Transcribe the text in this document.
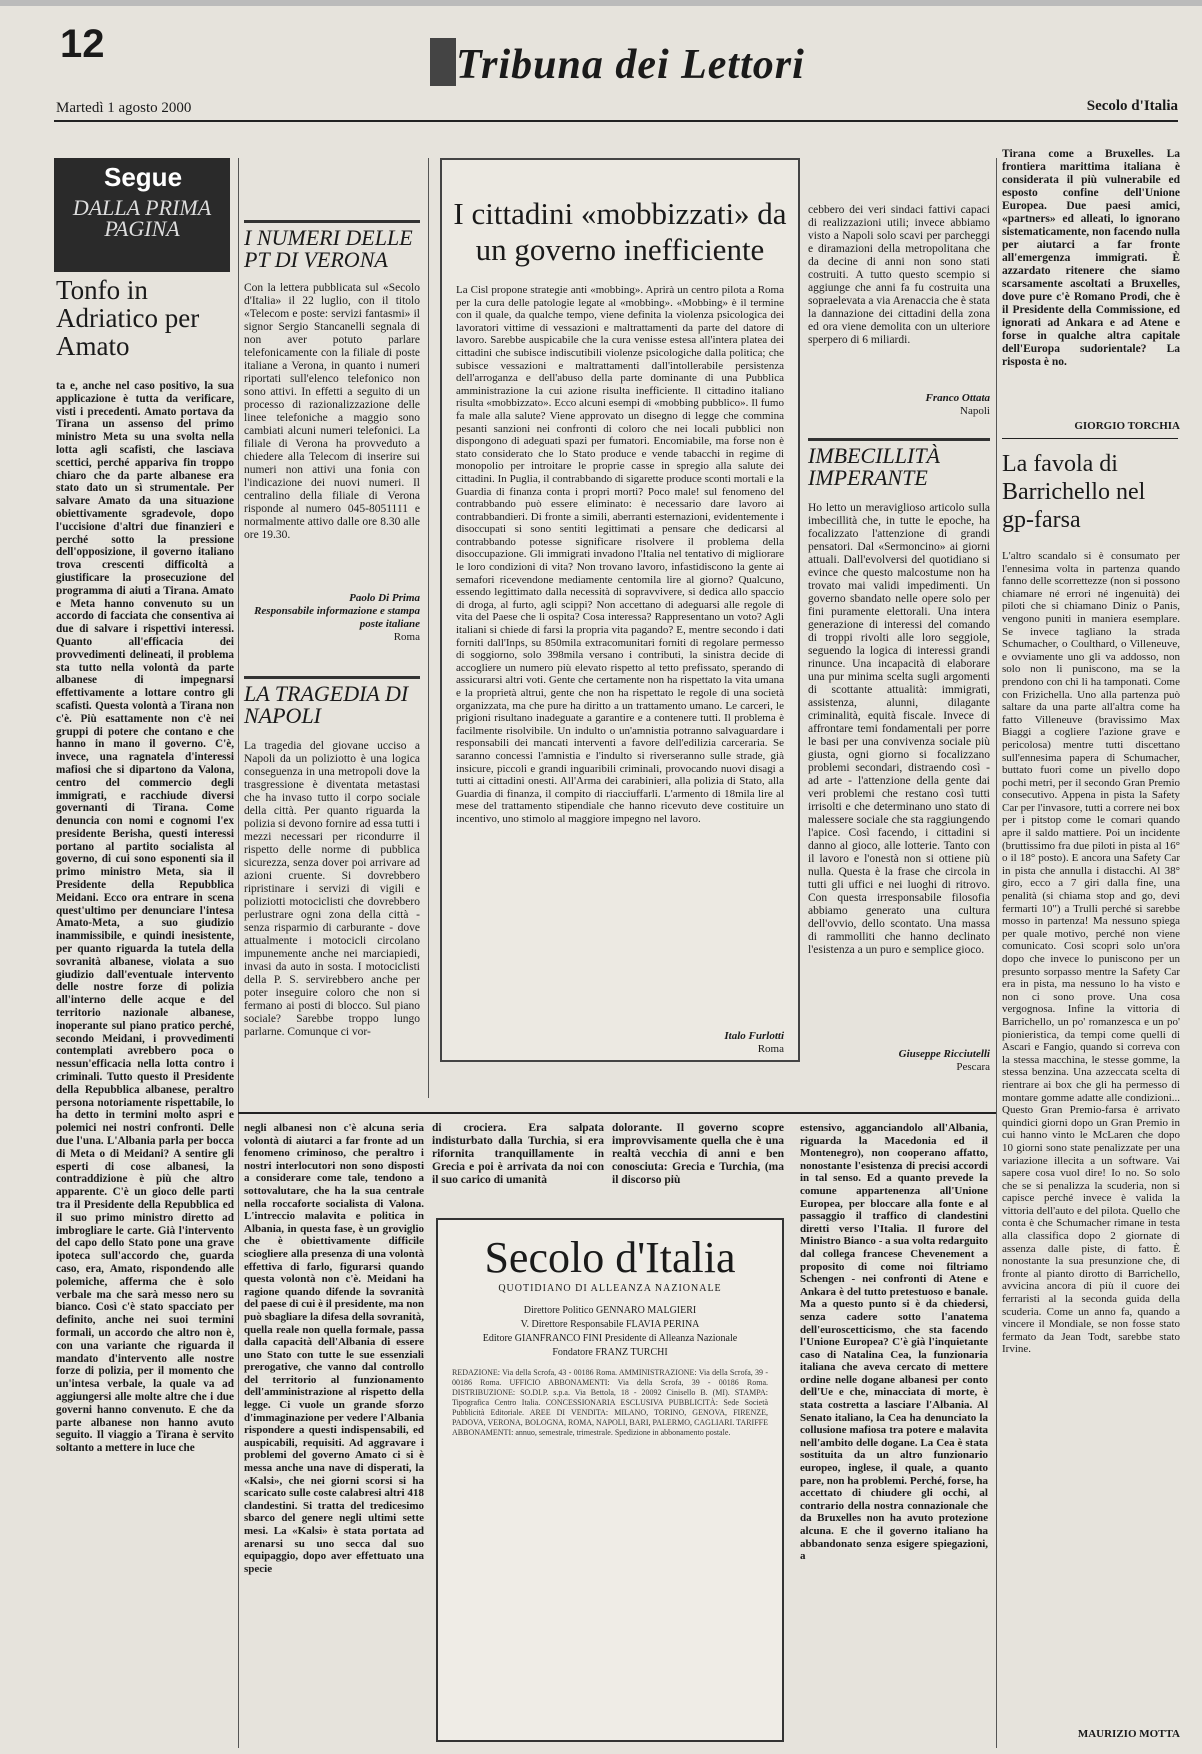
12	Tribuna dei Lettori
Martedì 1 agosto 2000	Secolo d'Italia
Segue
DALLA PRIMA PAGINA
Tonfo in Adriatico per Amato
ta e, anche nel caso positivo, la sua applicazione è tutta da verificare, visti i precedenti. Amato portava da Tirana un assenso del primo ministro Meta su una svolta nella lotta agli scafisti, che lasciava scettici, perché appariva fin troppo chiaro che da parte albanese era stato dato un sì strumentale. Per salvare Amato da una situazione obiettivamente sgradevole, dopo l'uccisione d'altri due finanzieri e perché sotto la pressione dell'opposizione, il governo italiano trova crescenti difficoltà a giustificare la prosecuzione del programma di aiuti a Tirana. Amato e Meta hanno convenuto su un accordo di facciata che consentiva ai due di salvare i rispettivi interessi. Quanto all'efficacia dei provvedimenti delineati, il problema sta tutto nella volontà da parte albanese di impegnarsi effettivamente a lottare contro gli scafisti. Questa volontà a Tirana non c'è. Più esattamente non c'è nei gruppi di potere che contano e che hanno in mano il governo. C'è, invece, una ragnatela d'interessi mafiosi che si dipartono da Valona, centro del commercio degli immigrati, e racchiude diversi governanti di Tirana. Come denuncia con nomi e cognomi l'ex presidente Berisha, questi interessi portano al partito socialista al governo, di cui sono esponenti sia il primo ministro Meta, sia il Presidente della Repubblica Meidani. Ecco ora entrare in scena quest'ultimo per denunciare l'intesa Amato-Meta, a suo giudizio inammissibile, e quindi inesistente, per quanto riguarda la tutela della sovranità albanese, violata a suo giudizio dall'eventuale intervento delle nostre forze di polizia all'interno delle acque e del territorio nazionale albanese, inoperante sul piano pratico perché, secondo Meidani, i provvedimenti contemplati avrebbero poca o nessun'efficacia nella lotta contro i criminali. Tutto questo il Presidente della Repubblica albanese, peraltro persona notoriamente rispettabile, lo ha detto in termini molto aspri e polemici nei nostri confronti. Delle due l'una. L'Albania parla per bocca di Meta o di Meidani? A sentire gli esperti di cose albanesi, la contraddizione è più che altro apparente. C'è un gioco delle parti tra il Presidente della Repubblica ed il suo primo ministro diretto ad imbrogliare le carte. Già l'intervento del capo dello Stato pone una grave ipoteca sull'accordo che, guarda caso, era, Amato, rispondendo alle polemiche, afferma che è solo verbale ma che sarà messo nero su bianco. Così c'è stato spacciato per definito, anche nei suoi termini formali, un accordo che altro non è, con una variante che riguarda il mandato d'intervento alle nostre forze di polizia, per il momento che un'intesa verbale, la quale va ad aggiungersi alle molte altre che i due governi hanno convenuto. E che da parte albanese non hanno avuto seguito. Il viaggio a Tirana è servito soltanto a mettere in luce che
I NUMERI DELLE PT DI VERONA
Con la lettera pubblicata sul «Secolo d'Italia» il 22 luglio, con il titolo «Telecom e poste: servizi fantasmi» il signor Sergio Stancanelli segnala di non aver potuto parlare telefonicamente con la filiale di poste italiane a Verona, in quanto i numeri riportati sull'elenco telefonico non sono attivi. In effetti a seguito di un processo di razionalizzazione delle linee telefoniche a maggio sono cambiati alcuni numeri telefonici. La filiale di Verona ha provveduto a chiedere alla Telecom di inserire sui numeri non attivi una fonia con l'indicazione dei nuovi numeri. Il centralino della filiale di Verona risponde al numero 045-8051111 e normalmente attivo dalle ore 8.30 alle ore 19.30.
Paolo Di Prima
Responsabile informazione e stampa poste italiane
Roma
LA TRAGEDIA DI NAPOLI
La tragedia del giovane ucciso a Napoli da un poliziotto è una logica conseguenza in una metropoli dove la trasgressione è diventata metastasi che ha invaso tutto il corpo sociale della città. Per quanto riguarda la polizia si devono fornire ad essa tutti i mezzi necessari per ricondurre il rispetto delle norme di pubblica sicurezza, senza dover poi arrivare ad azioni cruente. Si dovrebbero ripristinare i servizi di vigili e poliziotti motociclisti che dovrebbero perlustrare ogni zona della città - senza risparmio di carburante - dove attualmente i motocicli circolano impunemente anche nei marciapiedi, invasi da auto in sosta. I motociclisti della P. S. servirebbero anche per poter inseguire coloro che non si fermano ai posti di blocco. Sul piano sociale? Sarebbe troppo lungo parlarne. Comunque ci vor-
I cittadini «mobbizzati» da un governo inefficiente
La Cisl propone strategie anti «mobbing». Aprirà un centro pilota a Roma per la cura delle patologie legate al «mobbing». «Mobbing» è il termine con il quale, da qualche tempo, viene definita la violenza psicologica dei lavoratori vittime di vessazioni e maltrattamenti da parte del datore di lavoro. Sarebbe auspicabile che la cura venisse estesa all'intera platea dei cittadini che subisce indiscutibili violenze psicologiche dalla politica; che subisce vessazioni e maltrattamenti dall'intollerabile persistenza dell'arroganza e dell'abuso della parte dominante di una Pubblica amministrazione la cui azione risulta inefficiente. Il cittadino italiano risulta «mobbizzato». Ecco alcuni esempi di «mobbing pubblico». Il fumo fa male alla salute? Viene approvato un disegno di legge che commina pesanti sanzioni nei confronti di coloro che nei locali pubblici non dispongono di adeguati spazi per fumatori. Encomiabile, ma forse non è stato considerato che lo Stato produce e vende tabacchi in regime di monopolio per introitare le proprie casse in spregio alla salute dei cittadini. In Puglia, il contrabbando di sigarette produce sconti mortali e la Guardia di finanza conta i propri morti? Poco male! sul fenomeno del contrabbando può essere eliminato: è necessario dare lavoro ai contrabbandieri. Di fronte a simili, aberranti esternazioni, evidentemente i disoccupati si sono sentiti legittimati a pensare che dedicarsi al contrabbando potesse significare risolvere il problema della disoccupazione. Gli immigrati invadono l'Italia nel tentativo di migliorare le loro condizioni di vita? Non trovano lavoro, infastidiscono la gente ai semafori ricevendone mediamente centomila lire al giorno? Qualcuno, essendo legittimato dalla necessità di sopravvivere, si dedica allo spaccio di droga, al furto, agli scippi? Non accettano di adeguarsi alle regole di vita del Paese che li ospita? Cosa interessa? Rappresentano un voto? Agli italiani si chiede di farsi la propria vita pagando? E, mentre secondo i dati forniti dall'Inps, su 850mila extracomunitari forniti di regolare permesso di soggiorno, solo 398mila versano i contributi, la sinistra decide di accogliere un numero più elevato rispetto al tetto prefissato, sperando di assicurarsi altri voti. Gente che certamente non ha rispettato la vita umana e la proprietà altrui, gente che non ha rispettato le regole di una società organizzata, ma che pure ha diritto a un trattamento umano. Le carceri, le prigioni risultano inadeguate a garantire e a contenere tutti. Il problema è facilmente risolvibile. Un indulto o un'amnistia potranno salvaguardare i responsabili dei mancati interventi a favore dell'edilizia carceraria. Se saranno concessi l'amnistia e l'indulto si riverseranno sulle strade, già insicure, piccoli e grandi inguaribili criminali, provocando nuovi disagi a tutti ai cittadini onesti. All'Arma dei carabinieri, alla polizia di Stato, alla Guardia di finanza, il compito di riacciuffarli. L'armento di 18mila lire al mese del trattamento stipendiale che hanno ricevuto deve costituire un incentivo, uno stimolo al maggiore impegno nel lavoro.
Italo Furlotti
Roma
cebbero dei veri sindaci fattivi capaci di realizzazioni utili; invece abbiamo visto a Napoli solo scavi per parcheggi e diramazioni della metropolitana che da decine di anni non sono stati costruiti. A tutto questo scempio si aggiunge che anni fa fu costruita una sopraelevata a via Arenaccia che è stata la dannazione dei cittadini della zona ed ora viene demolita con un ulteriore sperpero di 6 miliardi.
Franco Ottata
Napoli
IMBECILLITÀ IMPERANTE
Ho letto un meraviglioso articolo sulla imbecillità che, in tutte le epoche, ha focalizzato l'attenzione di grandi pensatori. Dal «Sermoncino» ai giorni attuali. Dall'evolversi del quotidiano si evince che questo malcostume non ha trovato mai validi impedimenti. Un governo sbandato nelle opere solo per fini puramente elettorali. Una intera generazione di interessi del comando di troppi rivolti alle loro seggiole, seguendo la logica di interessi grandi rinunce. Una incapacità di elaborare una pur minima scelta sugli argomenti di scottante attualità: immigrati, assistenza, alunni, dilagante criminalità, equità fiscale. Invece di affrontare temi fondamentali per porre le basi per una convivenza sociale più giusta, ogni giorno si focalizzano problemi secondari, distraendo così - ad arte - l'attenzione della gente dai veri problemi che restano così tutti irrisolti e che determinano uno stato di malessere sociale che sta raggiungendo l'apice. Così facendo, i cittadini si danno al gioco, alle lotterie. Tanto con il lavoro e l'onestà non si ottiene più nulla. Questa è la frase che circola in tutti gli uffici e nei luoghi di ritrovo. Con questa irresponsabile filosofia abbiamo generato una cultura dell'ovvio, dello scontato. Una massa di rammolliti che hanno declinato l'esistenza a un puro e semplice gioco.
Giuseppe Ricciutelli
Pescara
Tirana come a Bruxelles. La frontiera marittima italiana è considerata il più vulnerabile ed esposto confine dell'Unione Europea. Due paesi amici, «partners» ed alleati, lo ignorano sistematicamente, non facendo nulla per aiutarci a far fronte all'emergenza immigrati. È azzardato ritenere che siamo scarsamente ascoltati a Bruxelles, dove pure c'è Romano Prodi, che è il Presidente della Commissione, ed ignorati ad Ankara e ad Atene e forse in qualche altra capitale dell'Europa sudorientale? La risposta è no.
GIORGIO TORCHIA
La favola di Barrichello nel gp-farsa
L'altro scandalo si è consumato per l'ennesima volta in partenza quando fanno delle scorrettezze (non si possono chiamare né errori né ingenuità) dei piloti che si chiamano Diniz o Panis, vengono puniti in maniera esemplare. Se invece tagliano la strada Schumacher, o Coulthard, o Villeneuve, e ovviamente uno gli va addosso, non solo non li puniscono, ma se la prendono con chi li ha tamponati. Come con Frizichella. Uno alla partenza può saltare da una parte all'altra come ha fatto Villeneuve (bravissimo Max Biaggi a cogliere l'azione grave e pericolosa) mentre tutti discettano sull'ennesima papera di Schumacher, buttato fuori come un pivello dopo pochi metri, per il secondo Gran Premio consecutivo. Appena in pista la Safety Car per l'invasore, tutti a correre nei box per i pitstop come le comari quando apre il saldo mattiere. Poi un incidente (bruttissimo fra due piloti in pista al 16° o il 18° posto). E ancora una Safety Car in pista che annulla i distacchi. Al 38° giro, ecco a 7 giri dalla fine, una penalità (si chiama stop and go, devi fermarti 10") a Trulli perché si sarebbe mosso in partenza! Ma nessuno spiega per quale motivo, perché non viene comunicato. Così scopri solo un'ora dopo che invece lo puniscono per un presunto sorpasso mentre la Safety Car era in pista, ma nessuno lo ha visto e non ci sono prove. Una cosa vergognosa. Infine la vittoria di Barrichello, un po' romanzesca e un po' pionieristica, da tempi come quelli di Ascari e Fangio, quando si correva con la stessa macchina, le stesse gomme, la stessa benzina. Una azzeccata scelta di rientrare ai box che gli ha permesso di montare gomme adatte alle condizioni... Questo Gran Premio-farsa è arrivato quindici giorni dopo un Gran Premio in cui hanno vinto le McLaren che dopo 10 giorni sono state penalizzate per una variazione illecita a un software. Vai sapere cosa vuol dire! Io no. So solo che se si penalizza la scuderia, non si capisce perché invece è valida la vittoria dell'auto e del pilota. Quello che conta è che Schumacher rimane in testa alla classifica dopo 2 giornate di assenza dalle piste, di fatto. È nonostante la sua presunzione che, di fronte al pianto dirotto di Barrichello, avvicina ancora di più il cuore dei ferraristi al la seconda guida della scuderia. Come un anno fa, quando a vincere il Mondiale, se non fosse stato fermato da Jean Todt, sarebbe stato Irvine.
MAURIZIO MOTTA
negli albanesi non c'è alcuna seria volontà di aiutarci a far fronte ad un fenomeno criminoso, che peraltro i nostri interlocutori non sono disposti a considerare come tale, tendono a sottovalutare, che ha la sua centrale nella roccaforte socialista di Valona. L'intreccio malavita e politica in Albania, in questa fase, è un groviglio che è obiettivamente difficile sciogliere alla presenza di una volontà effettiva di farlo, figurarsi quando questa volontà non c'è. Meidani ha ragione quando difende la sovranità del paese di cui è il presidente, ma non può sbagliare la difesa della sovranità, quella reale non quella formale, passa dalla capacità dell'Albania di essere uno Stato con tutte le sue essenziali prerogative, che vanno dal controllo del territorio al funzionamento dell'amministrazione al rispetto della legge. Ci vuole un grande sforzo d'immaginazione per vedere l'Albania rispondere a questi indispensabili, ed auspicabili, requisiti. Ad aggravare i problemi del governo Amato ci si è messa anche una nave di disperati, la «Kalsi», che nei giorni scorsi si ha scaricato sulle coste calabresi altri 418 clandestini. Si tratta del tredicesimo sbarco del genere negli ultimi sette mesi. La «Kalsi» è stata portata ad arenarsi su uno secca dal suo equipaggio, dopo aver effettuato una specie
di crociera. Era salpata indisturbato dalla Turchia, si era rifornita tranquillamente in Grecia e poi è arrivata da noi con il suo carico di umanità
dolorante. Il governo scopre improvvisamente quella che è una realtà vecchia di anni e ben conosciuta: Grecia e Turchia, (ma il discorso più
estensivo, agganciandolo all'Albania, riguarda la Macedonia ed il Montenegro), non cooperano affatto, nonostante l'esistenza di precisi accordi in tal senso. Ed a quanto prevede la comune appartenenza all'Unione Europea, per bloccare alla fonte e al passaggio il traffico di clandestini diretti verso l'Italia. Il furore del Ministro Bianco - a sua volta redarguito dal collega francese Chevenement a proposito di come noi filtriamo Schengen - nei confronti di Atene e Ankara è del tutto pretestuoso e banale. Ma a questo punto si è da chiedersi, senza cadere sotto l'anatema dell'euroscetticismo, che sta facendo l'Unione Europea? C'è già l'inquietante caso di Natalina Cea, la funzionaria italiana che aveva cercato di mettere ordine nelle dogane albanesi per conto dell'Ue e che, minacciata di morte, è stata costretta a lasciare l'Albania. Al Senato italiano, la Cea ha denunciato la collusione mafiosa tra potere e malavita nell'ambito delle dogane. La Cea è stata sostituita da un altro funzionario europeo, inglese, il quale, a quanto pare, non ha problemi. Perché, forse, ha accettato di chiudere gli occhi, al contrario della nostra connazionale che da Bruxelles non ha avuto protezione alcuna. E che il governo italiano ha abbandonato senza esigere spiegazioni, a
Secolo d'Italia
QUOTIDIANO DI ALLEANZA NAZIONALE
Direttore Politico GENNARO MALGIERI
V. Direttore Responsabile FLAVIA PERINA
Editore GIANFRANCO FINI Presidente di Alleanza Nazionale
Fondatore FRANZ TURCHI
REDAZIONE: Via della Scrofa, 43 - 00186 Roma. AMMINISTRAZIONE: Via della Scrofa, 39 - 00186 Roma. UFFICIO ABBONAMENTI: Via della Scrofa, 39 - 00186 Roma. DISTRIBUZIONE: SO.DI.P. s.p.a. Via Bettola, 18 - 20092 Cinisello B. (MI). STAMPA: Tipografica Centro Italia. CONCESSIONARIA ESCLUSIVA PUBBLICITÀ: Sede Società Pubblicità Editoriale. AREE DI VENDITA: MILANO, TORINO, GENOVA, FIRENZE, PADOVA, VERONA, BOLOGNA, ROMA, NAPOLI, BARI, PALERMO, CAGLIARI. TARIFFE ABBONAMENTI: annuo, semestrale, trimestrale. Spedizione in abbonamento postale.
